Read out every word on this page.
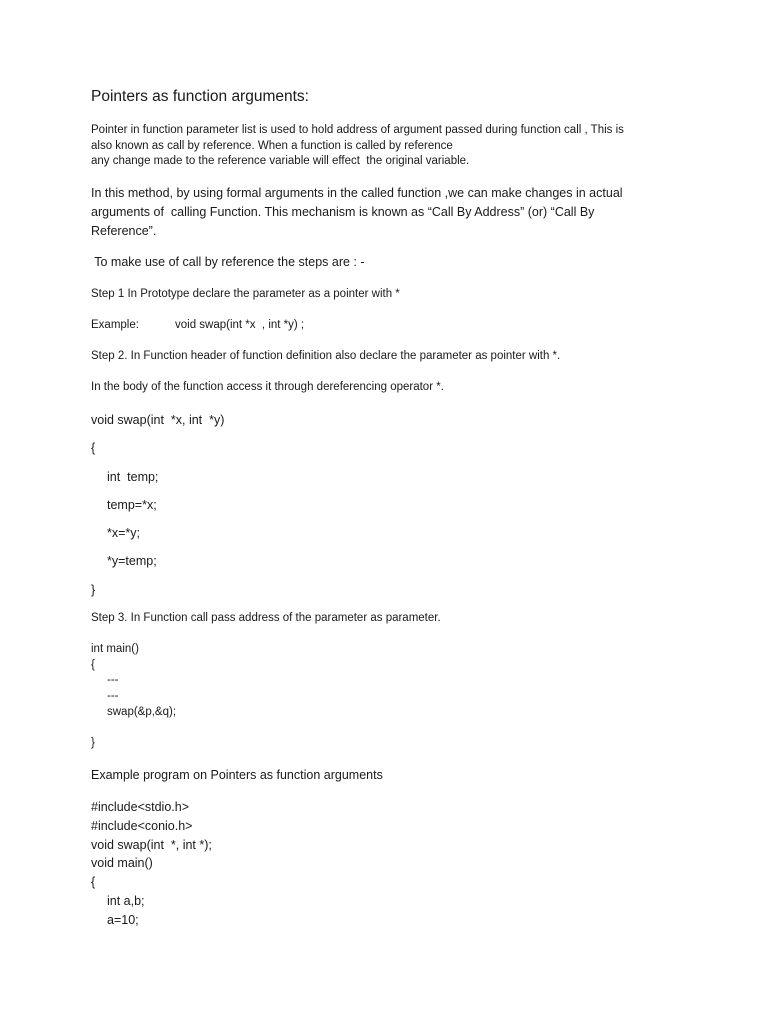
Pointers as function arguments:
Pointer in function parameter list is used to hold address of argument passed during function call , This is
also known as call by reference. When a function is called by reference
any change made to the reference variable will effect  the original variable.
In this method, by using formal arguments in the called function ,we can make changes in actual
arguments of  calling Function. This mechanism is known as “Call By Address” (or) “Call By
Reference”.
To make use of call by reference the steps are : -
Step 1 In Prototype declare the parameter as a pointer with *
Example:	void swap(int *x  , int *y) ;
Step 2. In Function header of function definition also declare the parameter as pointer with *.
In the body of the function access it through dereferencing operator *.
void swap(int  *x, int  *y)
{
int  temp;
temp=*x;
*x=*y;
*y=temp;
}
Step 3. In Function call pass address of the parameter as parameter.
int main()
{
---
---
swap(&p,&q);
}
Example program on Pointers as function arguments
#include<stdio.h>
#include<conio.h>
void swap(int  *, int *);
void main()
{
int a,b;
a=10;
